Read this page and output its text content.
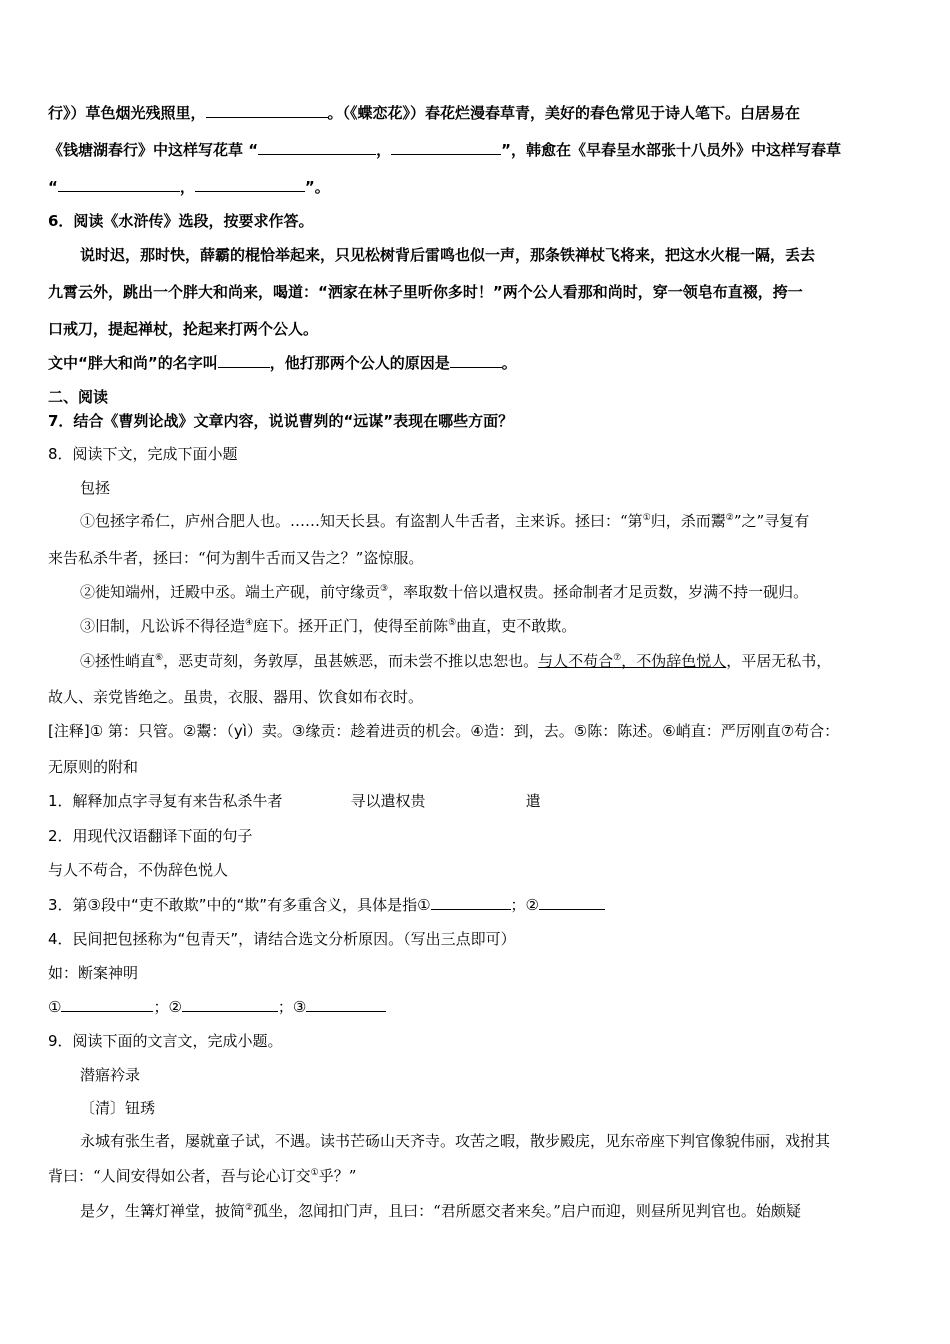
行》）草色烟光残照里，	。（《蝶恋花》）春花烂漫春草青，美好的春色常见于诗人笔下。白居易在
《钱塘湖春行》中这样写花草 “	，	”，韩愈在《早春呈水部张十八员外》中这样写春草
“	，	”。
6．阅读《水浒传》选段，按要求作答。
说时迟，那时快，薛霸的棍恰举起来，只见松树背后雷鸣也似一声，那条铁禅杖飞将来，把这水火棍一隔，丢去
九霄云外，跳出一个胖大和尚来，喝道：“洒家在林子里听你多时！”两个公人看那和尚时，穿一领皂布直裰，挎一
口戒刀，提起禅杖，抡起来打两个公人。
文中“胖大和尚”的名字叫	，他打那两个公人的原因是	。
二、阅读
7．结合《曹刿论战》文章内容，说说曹刿的“远谋”表现在哪些方面？
8．阅读下文，完成下面小题
包拯
①包拯字希仁，庐州合肥人也。……知天长县。有盗割人牛舌者，主来诉。拯曰：“第①归，杀而鬻②”之”寻复有
来告私杀牛者，拯曰：“何为割牛舌而又告之？”盗惊服。
②徙知端州，迁殿中丞。端土产砚，前守缘贡③，率取数十倍以遣权贵。拯命制者才足贡数，岁满不持一砚归。
③旧制，凡讼诉不得径造④庭下。拯开正门，使得至前陈⑤曲直，吏不敢欺。
④拯性峭直⑥，恶吏苛刻，务敦厚，虽甚嫉恶，而未尝不推以忠恕也。与人不苟合⑦，不伪辞色悦人，平居无私书，
故人、亲党皆绝之。虽贵，衣服、器用、饮食如布衣时。
[注释]① 第：只管。②鬻：（yì）卖。③缘贡：趁着进贡的机会。④造：到，去。⑤陈：陈述。⑥峭直：严厉刚直⑦苟合：
无原则的附和
1．解释加点字寻复有来告私杀牛者	寻以遣权贵	遣
2．用现代汉语翻译下面的句子
与人不苟合，不伪辞色悦人
3．第③段中“吏不敢欺”中的“欺”有多重含义，具体是指①	；②
4．民间把包拯称为“包青天”，请结合选文分析原因。（写出三点即可）
如：断案神明
①	；②	；③
9．阅读下面的文言文，完成小题。
潜寤衿录
〔清〕钮琇
永城有张生者，屡就童子试，不遇。读书芒砀山天齐寺。攻苦之暇，散步殿庑，见东帝座下判官像貌伟丽，戏拊其
背曰：“人间安得如公者，吾与论心订交①乎？”
是夕，生篝灯禅堂，披简②孤坐，忽闻扣门声，且曰：“君所愿交者来矣。”启户而迎，则昼所见判官也。始颇疑
